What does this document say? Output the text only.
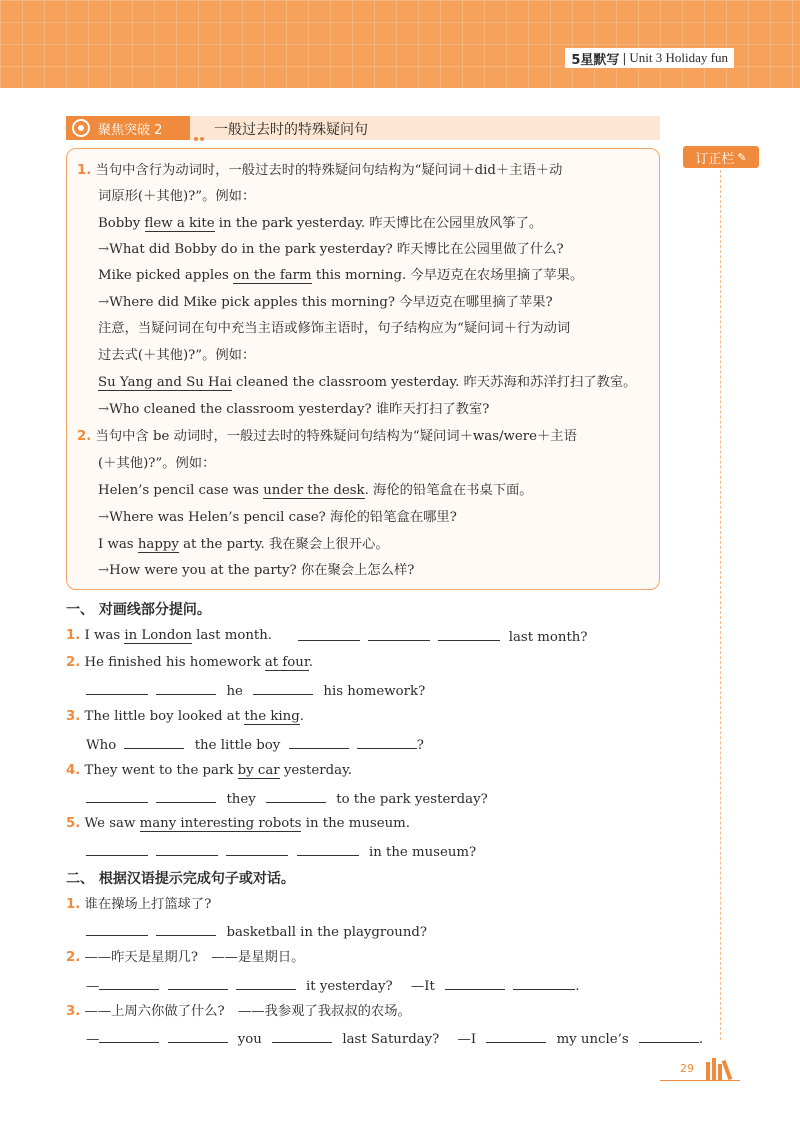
5星默写 | Unit 3 Holiday fun
聚焦突破 2	一般过去时的特殊疑问句
订正栏 ✎
1. 当句中含行为动词时，一般过去时的特殊疑问句结构为“疑问词＋did＋主语＋动
词原形(＋其他)?”。例如：
Bobby flew a kite in the park yesterday. 昨天博比在公园里放风筝了。
→What did Bobby do in the park yesterday? 昨天博比在公园里做了什么?
Mike picked apples on the farm this morning. 今早迈克在农场里摘了苹果。
→Where did Mike pick apples this morning? 今早迈克在哪里摘了苹果?
注意，当疑问词在句中充当主语或修饰主语时，句子结构应为“疑问词＋行为动词
过去式(＋其他)?”。例如：
Su Yang and Su Hai cleaned the classroom yesterday. 昨天苏海和苏洋打扫了教室。
→Who cleaned the classroom yesterday? 谁昨天打扫了教室?
2. 当句中含 be 动词时，一般过去时的特殊疑问句结构为“疑问词＋was/were＋主语
(＋其他)?”。例如：
Helen’s pencil case was under the desk. 海伦的铅笔盒在书桌下面。
→Where was Helen’s pencil case? 海伦的铅笔盒在哪里?
I was happy at the party. 我在聚会上很开心。
→How were you at the party? 你在聚会上怎么样?
一、 对画线部分提问。
1. I was in London last month.	last month?
2. He finished his homework at four.
he	his homework?
3. The little boy looked at the king.
Who	the little boy	?
4. They went to the park by car yesterday.
they	to the park yesterday?
5. We saw many interesting robots in the museum.
in the museum?
二、 根据汉语提示完成句子或对话。
1. 谁在操场上打篮球了?
basketball in the playground?
2. ——昨天是星期几?　——是星期日。
—	it yesterday? —It	.
3. ——上周六你做了什么?　——我参观了我叔叔的农场。
—	you	last Saturday? —I	my uncle’s	.
29
